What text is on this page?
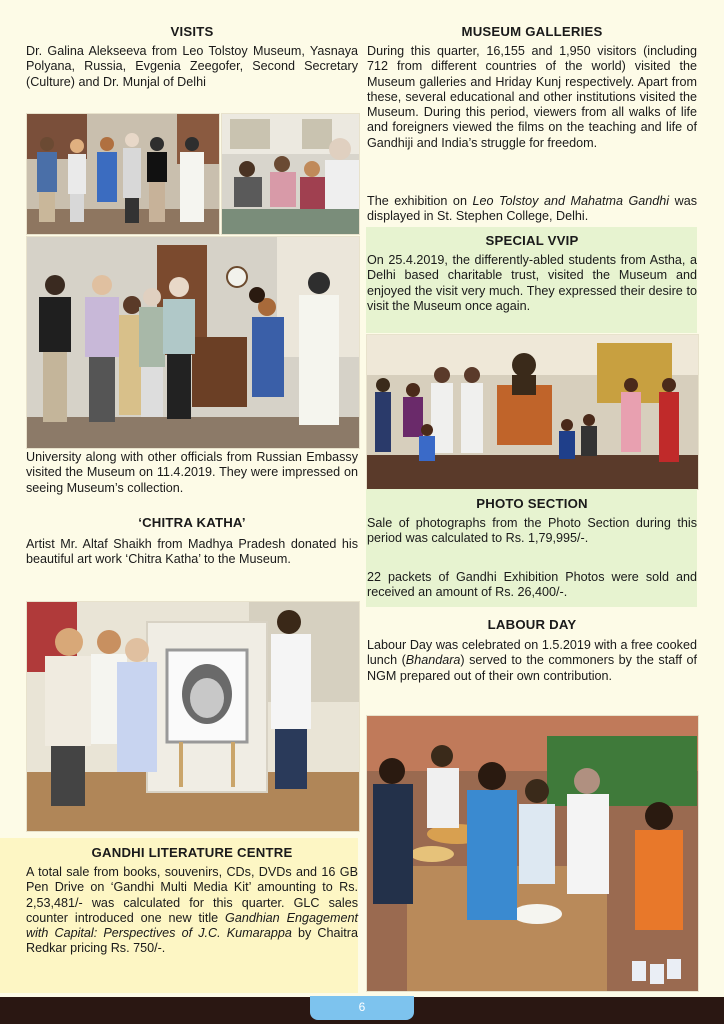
VISITS

Dr. Galina Alekseeva from Leo Tolstoy Museum, Yasnaya Polyana, Russia, Evgenia Zeegofer, Second Secretary (Culture) and Dr. Munjal of Delhi

University along with other officials from Russian Embassy visited the Museum on 11.4.2019. They were impressed on seeing Museum’s collection.

‘CHITRA KATHA’

Artist Mr. Altaf Shaikh from Madhya Pradesh donated his beautiful art work ‘Chitra Katha’ to the Museum.

GANDHI LITERATURE CENTRE

A total sale from books, souvenirs, CDs, DVDs and 16 GB Pen Drive on ‘Gandhi Multi Media Kit’ amounting to Rs. 2,53,481/- was calculated for this quarter. GLC sales counter introduced one new title Gandhian Engagement with Capital: Perspectives of J.C. Kumarappa by Chaitra Redkar pricing Rs. 750/-.

MUSEUM GALLERIES

During this quarter, 16,155 and 1,950 visitors (including 712 from different countries of the world) visited the Museum galleries and Hriday Kunj respectively. Apart from these, several educational and other institutions visited the Museum. During this period, viewers from all walks of life and foreigners viewed the films on the teaching and life of Gandhiji and India’s struggle for freedom.

The exhibition on Leo Tolstoy and Mahatma Gandhi was displayed in St. Stephen College, Delhi.

SPECIAL VVIP

On 25.4.2019, the differently-abled students from Astha, a Delhi based charitable trust, visited the Museum and enjoyed the visit very much. They expressed their desire to visit the Museum once again.

PHOTO SECTION

Sale of photographs from the Photo Section during this period was calculated to Rs. 1,79,995/-.

22 packets of Gandhi Exhibition Photos were sold and received an amount of Rs. 26,400/-.

LABOUR DAY

Labour Day was celebrated on 1.5.2019 with a free cooked lunch (Bhandara) served to the commoners by the staff of NGM prepared out of their own contribution.

6
